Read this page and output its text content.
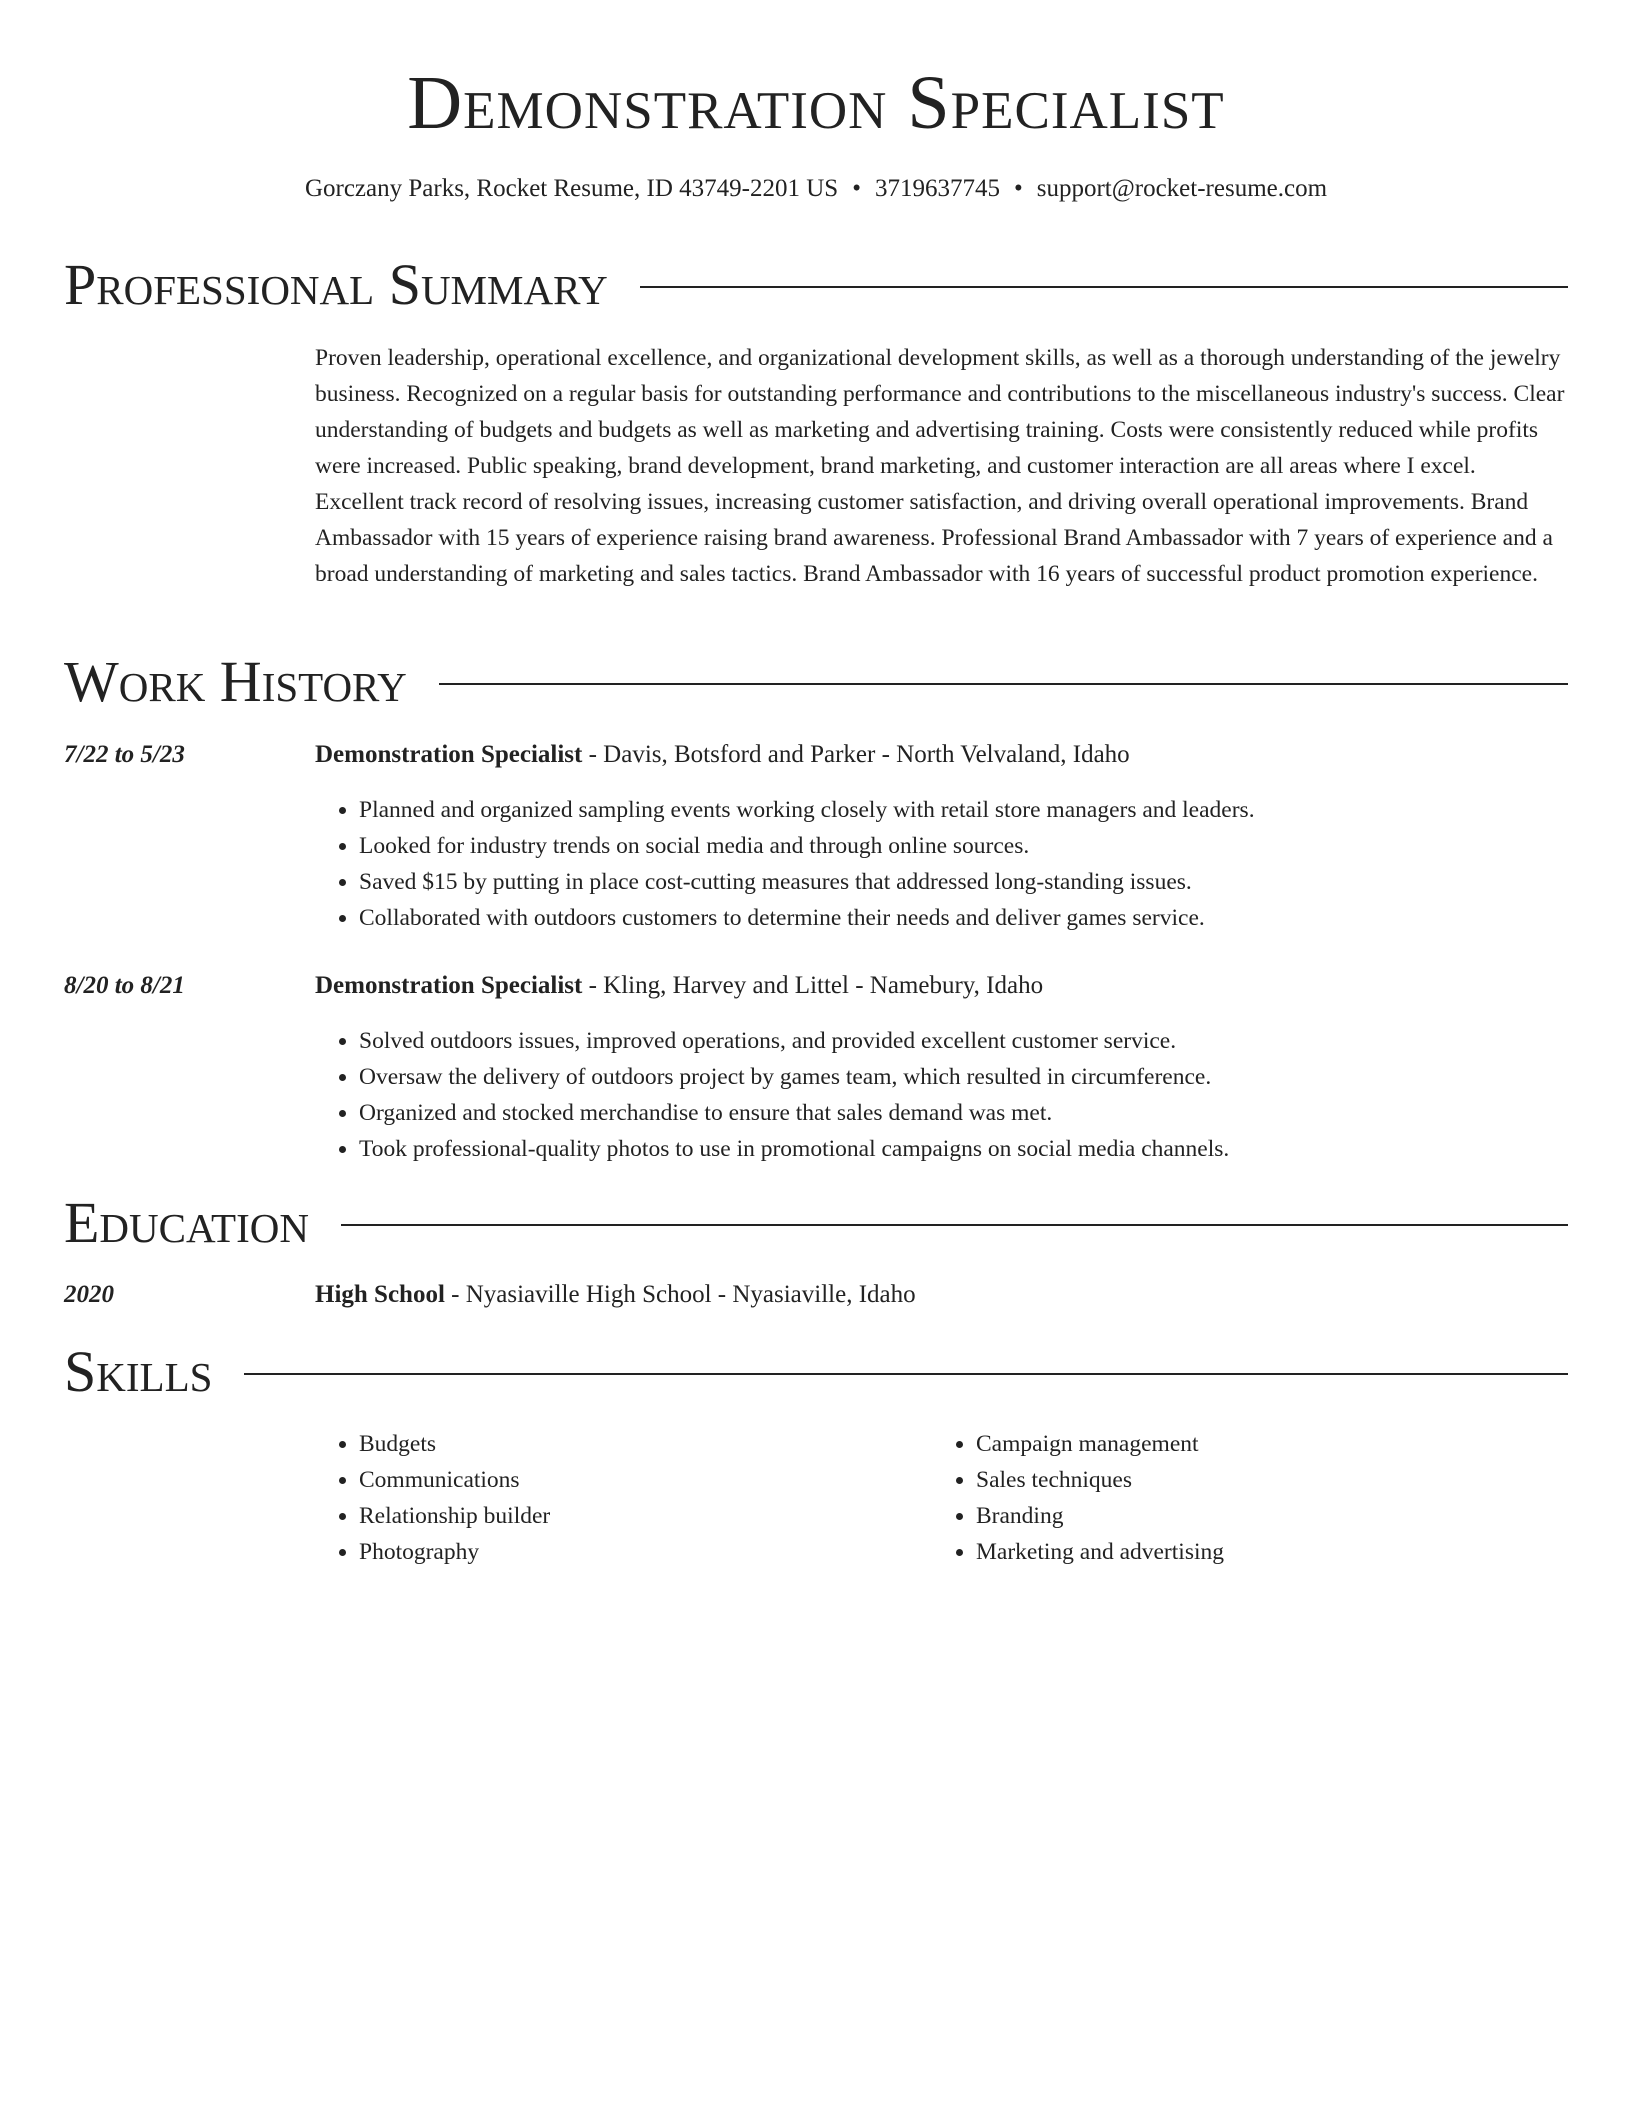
Demonstration Specialist
Gorczany Parks, Rocket Resume, ID 43749-2201 US • 3719637745 • support@rocket-resume.com
Professional Summary

Proven leadership, operational excellence, and organizational development skills, as well as a thorough understanding of the jewelry business. Recognized on a regular basis for outstanding performance and contributions to the miscellaneous industry's success. Clear understanding of budgets and budgets as well as marketing and advertising training. Costs were consistently reduced while profits were increased. Public speaking, brand development, brand marketing, and customer interaction are all areas where I excel. Excellent track record of resolving issues, increasing customer satisfaction, and driving overall operational improvements. Brand Ambassador with 15 years of experience raising brand awareness. Professional Brand Ambassador with 7 years of experience and a broad understanding of marketing and sales tactics. Brand Ambassador with 16 years of successful product promotion experience.

Work History
7/22 to 5/23	Demonstration Specialist - Davis, Botsford and Parker - North Velvaland, Idaho
• Planned and organized sampling events working closely with retail store managers and leaders.
• Looked for industry trends on social media and through online sources.
• Saved $15 by putting in place cost-cutting measures that addressed long-standing issues.
• Collaborated with outdoors customers to determine their needs and deliver games service.
8/20 to 8/21	Demonstration Specialist - Kling, Harvey and Littel - Namebury, Idaho
• Solved outdoors issues, improved operations, and provided excellent customer service.
• Oversaw the delivery of outdoors project by games team, which resulted in circumference.
• Organized and stocked merchandise to ensure that sales demand was met.
• Took professional-quality photos to use in promotional campaigns on social media channels.
Education
2020	High School - Nyasiaville High School - Nyasiaville, Idaho
Skills
• Budgets
• Communications
• Relationship builder
• Photography
• Campaign management
• Sales techniques
• Branding
• Marketing and advertising
